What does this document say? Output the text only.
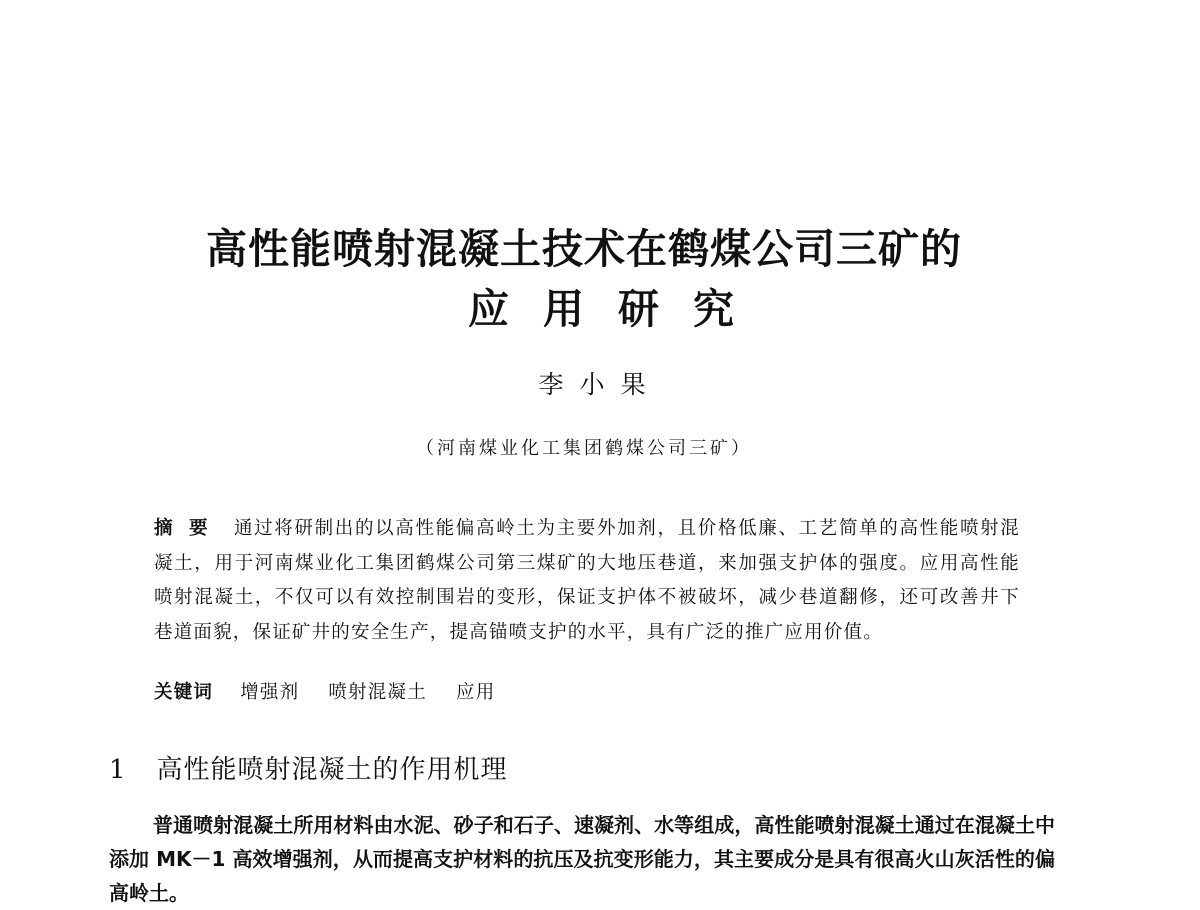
高性能喷射混凝土技术在鹤煤公司三矿的
应用研究
李小果
（河南煤业化工集团鹤煤公司三矿）
摘要 通过将研制出的以高性能偏高岭土为主要外加剂，且价格低廉、工艺简单的高性能喷射混凝土，用于河南煤业化工集团鹤煤公司第三煤矿的大地压巷道，来加强支护体的强度。应用高性能喷射混凝土，不仅可以有效控制围岩的变形，保证支护体不被破坏，减少巷道翻修，还可改善井下巷道面貌，保证矿井的安全生产，提高锚喷支护的水平，具有广泛的推广应用价值。
关键词 增强剂 喷射混凝土 应用
1 高性能喷射混凝土的作用机理
普通喷射混凝土所用材料由水泥、砂子和石子、速凝剂、水等组成，高性能喷射混凝土通过在混凝土中添加 MK－1 高效增强剂，从而提高支护材料的抗压及抗变形能力，其主要成分是具有很高火山灰活性的偏高岭土。
